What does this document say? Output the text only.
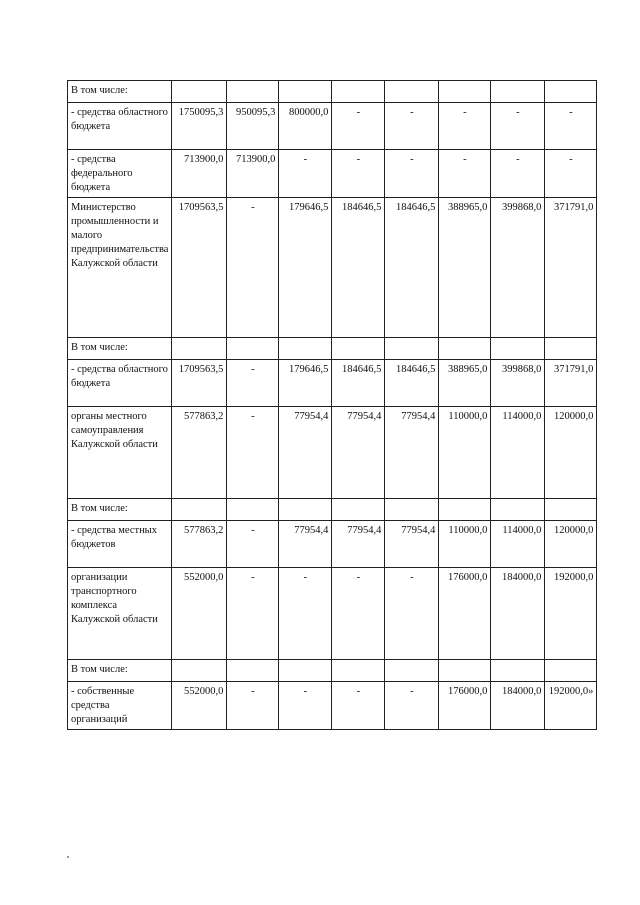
В том числе:								
- средства областного бюджета	1750095,3	950095,3	800000,0	-	-	-	-	-
- средства федерального бюджета	713900,0	713900,0	-	-	-	-	-	-
Министерство промышленности и малого предпринимательства Калужской области	1709563,5	-	179646,5	184646,5	184646,5	388965,0	399868,0	371791,0
В том числе:								
- средства областного бюджета	1709563,5	-	179646,5	184646,5	184646,5	388965,0	399868,0	371791,0
органы местного самоуправления Калужской области	577863,2	-	77954,4	77954,4	77954,4	110000,0	114000,0	120000,0
В том числе:								
- средства местных бюджетов	577863,2	-	77954,4	77954,4	77954,4	110000,0	114000,0	120000,0
организации транспортного комплекса Калужской области	552000,0	-	-	-	-	176000,0	184000,0	192000,0
В том числе:								
- собственные средства организаций	552000,0	-	-	-	-	176000,0	184000,0	192000,0»
